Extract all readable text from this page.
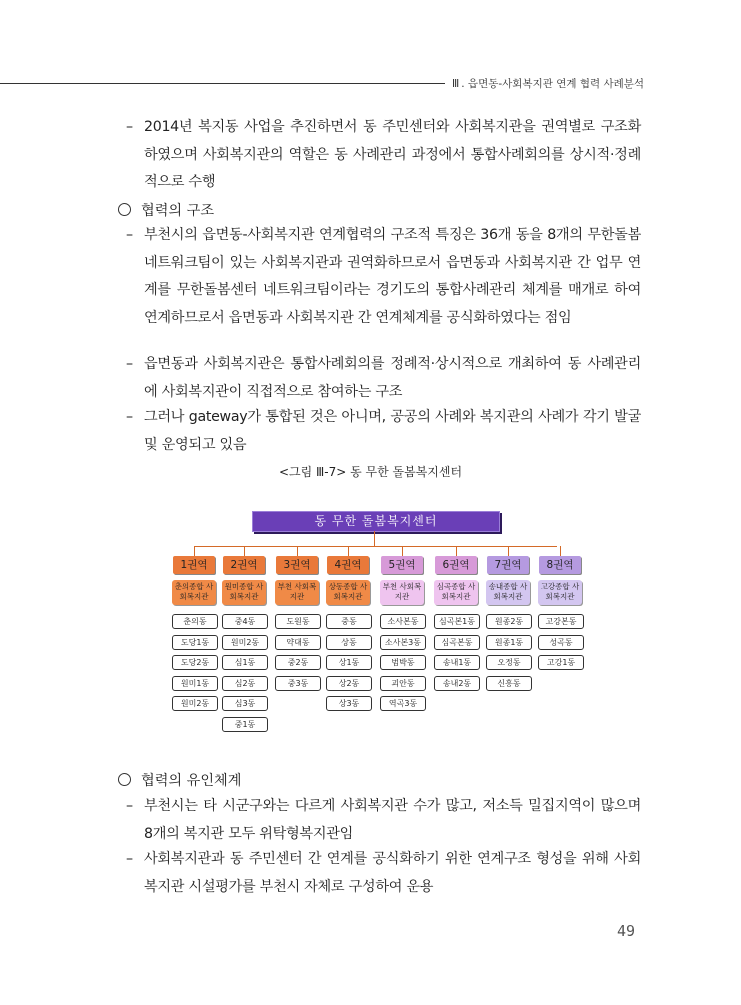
Ⅲ . 읍면동-사회복지관 연계 협력 사례분석
– 2014년 복지동 사업을 추진하면서 동 주민센터와 사회복지관을 권역별로 구조화하였으며 사회복지관의 역할은 동 사례관리 과정에서 통합사례회의를 상시적·정례적으로 수행
협력의 구조
– 부천시의 읍면동-사회복지관 연계협력의 구조적 특징은 36개 동을 8개의 무한돌봄네트워크팀이 있는 사회복지관과 권역화하므로서 읍면동과 사회복지관 간 업무 연계를 무한돌봄센터 네트워크팀이라는 경기도의 통합사례관리 체계를 매개로 하여 연계하므로서 읍면동과 사회복지관 간 연계체계를 공식화하였다는 점임
– 읍면동과 사회복지관은 통합사례회의를 정례적·상시적으로 개최하여 동 사례관리에 사회복지관이 직접적으로 참여하는 구조
– 그러나 gateway가 통합된 것은 아니며, 공공의 사례와 복지관의 사례가 각기 발굴 및 운영되고 있음
<그림 Ⅲ-7> 동 무한 돌봄복지센터
동 무한 돌봄복지센터
1권역
춘의종합 사회복지관
춘의동
도당1동
도당2동
원미1동
원미2동
2권역
원미종합 사회복지관
중4동
원미2동
심1동
심2동
심3동
중1동
3권역
부천 사회복지관
도원동
약대동
중2동
중3동
4권역
상동종합 사회복지관
중동
상동
상1동
상2동
상3동
5권역
부천 사회복지관
소사본동
소사본3동
범박동
괴안동
역곡3동
6권역
심곡종합 사회복지관
심곡본1동
심곡본동
송내1동
송내2동
7권역
송내종합 사회복지관
원종2동
원종1동
오정동
신흥동
8권역
고강종합 사회복지관
고강본동
성곡동
고강1동
협력의 유인체계
– 부천시는 타 시군구와는 다르게 사회복지관 수가 많고, 저소득 밀집지역이 많으며 8개의 복지관 모두 위탁형복지관임
– 사회복지관과 동 주민센터 간 연계를 공식화하기 위한 연계구조 형성을 위해 사회복지관 시설평가를 부천시 자체로 구성하여 운용
49
